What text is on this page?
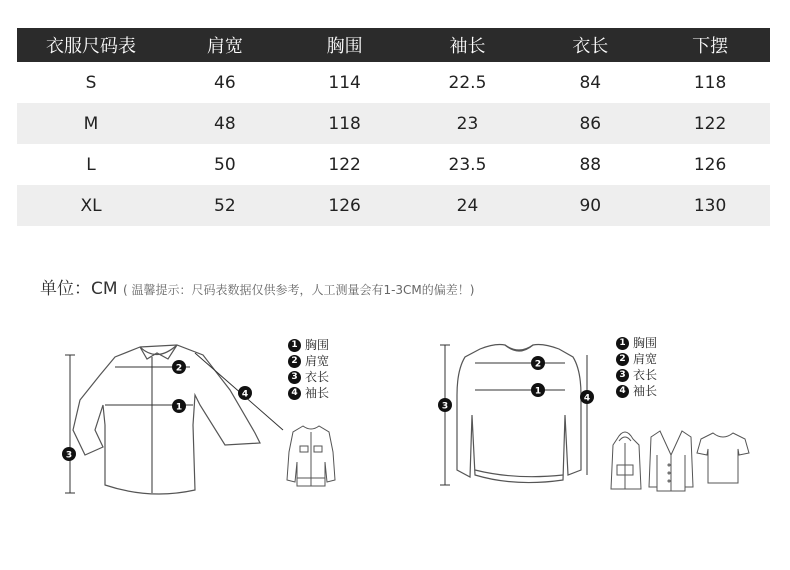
衣服尺码表	肩宽	胸围	袖长	衣长	下摆
S	46	114	22.5	84	118
M	48	118	23	86	122
L	50	122	23.5	88	126
XL	52	126	24	90	130
单位：CM ( 温馨提示：尺码表数据仅供参考，人工测量会有1-3CM的偏差！)
1
2
3
4
1 胸围
2 肩宽
3 衣长
4 袖长	1
2
3
4
1 胸围
2 肩宽
3 衣长
4 袖长
